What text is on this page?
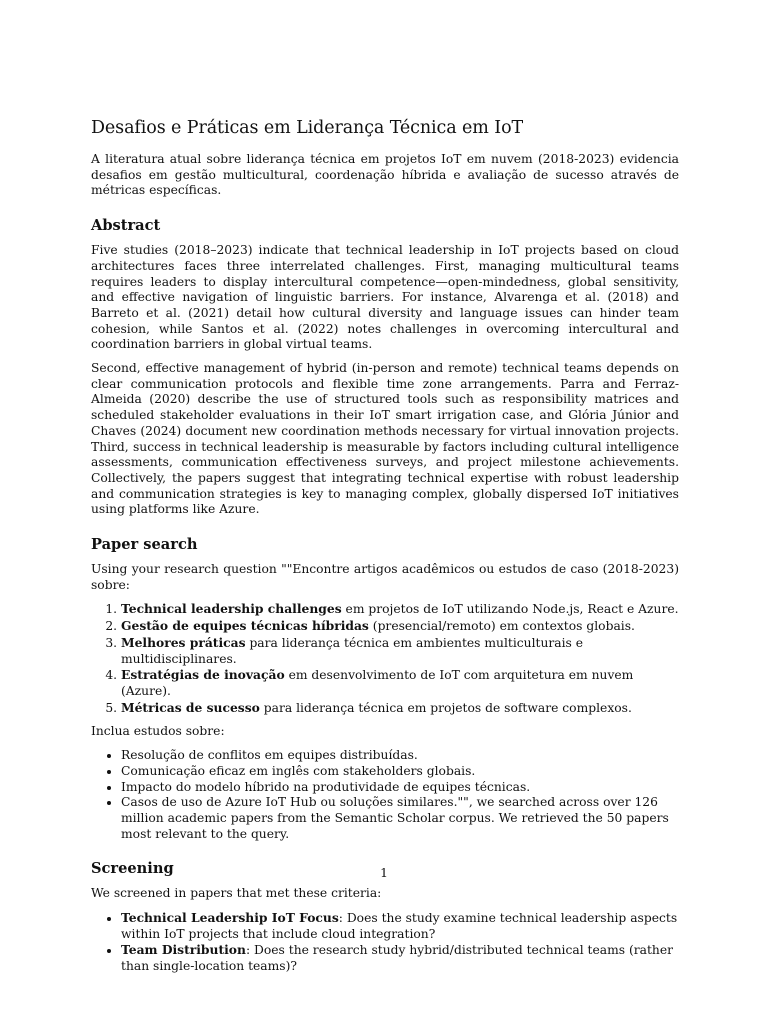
Desafios e Práticas em Liderança Técnica em IoT

A literatura atual sobre liderança técnica em projetos IoT em nuvem (2018-2023) evidencia desafios em gestão multicultural, coordenação híbrida e avaliação de sucesso através de métricas específicas.

Abstract

Five studies (2018–2023) indicate that technical leadership in IoT projects based on cloud architectures faces three interrelated challenges. First, managing multicultural teams requires leaders to display intercultural competence—open-mindedness, global sensitivity, and effective navigation of linguistic barriers. For instance, Alvarenga et al. (2018) and Barreto et al. (2021) detail how cultural diversity and language issues can hinder team cohesion, while Santos et al. (2022) notes challenges in overcoming intercultural and coordination barriers in global virtual teams.

Second, effective management of hybrid (in-person and remote) technical teams depends on clear communication protocols and flexible time zone arrangements. Parra and Ferraz-Almeida (2020) describe the use of structured tools such as responsibility matrices and scheduled stakeholder evaluations in their IoT smart irrigation case, and Glória Júnior and Chaves (2024) document new coordination methods necessary for virtual innovation projects. Third, success in technical leadership is measurable by factors including cultural intelligence assessments, communication effectiveness surveys, and project milestone achievements. Collectively, the papers suggest that integrating technical expertise with robust leadership and communication strategies is key to managing complex, globally dispersed IoT initiatives using platforms like Azure.

Paper search

Using your research question ""Encontre artigos acadêmicos ou estudos de caso (2018-2023) sobre:

1. Technical leadership challenges em projetos de IoT utilizando Node.js, React e Azure.
2. Gestão de equipes técnicas híbridas (presencial/remoto) em contextos globais.
3. Melhores práticas para liderança técnica em ambientes multiculturais e multidisciplinares.
4. Estratégias de inovação em desenvolvimento de IoT com arquitetura em nuvem (Azure).
5. Métricas de sucesso para liderança técnica em projetos de software complexos.

Inclua estudos sobre:

• Resolução de conflitos em equipes distribuídas.
• Comunicação eficaz em inglês com stakeholders globais.
• Impacto do modelo híbrido na produtividade de equipes técnicas.
• Casos de uso de Azure IoT Hub ou soluções similares."", we searched across over 126 million academic papers from the Semantic Scholar corpus. We retrieved the 50 papers most relevant to the query.
Screening

We screened in papers that met these criteria:

• Technical Leadership IoT Focus: Does the study examine technical leadership aspects within IoT projects that include cloud integration?
• Team Distribution: Does the research study hybrid/distributed technical teams (rather than single-location teams)?
1
